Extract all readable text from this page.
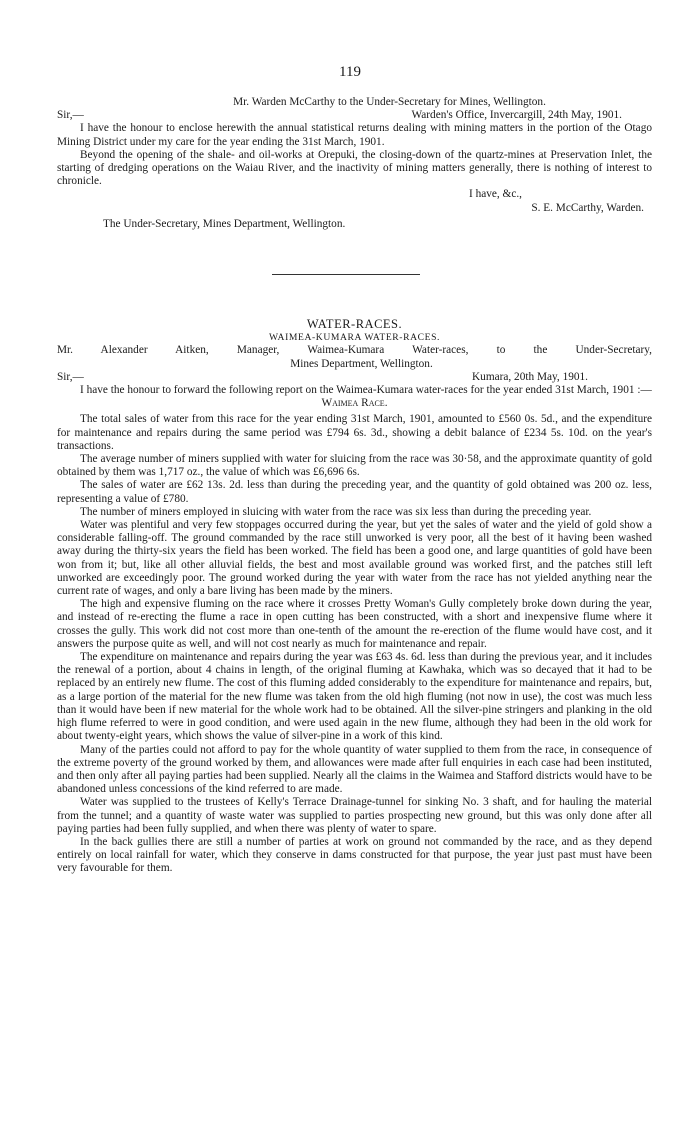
119

Mr. Warden McCarthy to the Under-Secretary for Mines, Wellington.

Sir,—	Warden's Office, Invercargill, 24th May, 1901.

I have the honour to enclose herewith the annual statistical returns dealing with mining matters in the portion of the Otago Mining District under my care for the year ending the 31st March, 1901.

Beyond the opening of the shale- and oil-works at Orepuki, the closing-down of the quartz-mines at Preservation Inlet, the starting of dredging operations on the Waiau River, and the inactivity of mining matters generally, there is nothing of interest to chronicle.

I have, &c.,

S. E. McCarthy, Warden.

The Under-Secretary, Mines Department, Wellington.

WATER-RACES.

WAIMEA-KUMARA WATER-RACES.

Mr. Alexander Aitken, Manager, Waimea-Kumara Water-races, to the Under-Secretary,

Mines Department, Wellington.

Sir,—	Kumara, 20th May, 1901.

I have the honour to forward the following report on the Waimea-Kumara water-races for the year ended 31st March, 1901 :—

Waimea Race.

The total sales of water from this race for the year ending 31st March, 1901, amounted to £560 0s. 5d., and the expenditure for maintenance and repairs during the same period was £794 6s. 3d., showing a debit balance of £234 5s. 10d. on the year's transactions.

The average number of miners supplied with water for sluicing from the race was 30·58, and the approximate quantity of gold obtained by them was 1,717 oz., the value of which was £6,696 6s.

The sales of water are £62 13s. 2d. less than during the preceding year, and the quantity of gold obtained was 200 oz. less, representing a value of £780.

The number of miners employed in sluicing with water from the race was six less than during the preceding year.

Water was plentiful and very few stoppages occurred during the year, but yet the sales of water and the yield of gold show a considerable falling-off. The ground commanded by the race still unworked is very poor, all the best of it having been washed away during the thirty-six years the field has been worked. The field has been a good one, and large quantities of gold have been won from it; but, like all other alluvial fields, the best and most available ground was worked first, and the patches still left unworked are exceedingly poor. The ground worked during the year with water from the race has not yielded anything near the current rate of wages, and only a bare living has been made by the miners.

The high and expensive fluming on the race where it crosses Pretty Woman's Gully completely broke down during the year, and instead of re-erecting the flume a race in open cutting has been constructed, with a short and inexpensive flume where it crosses the gully. This work did not cost more than one-tenth of the amount the re-erection of the flume would have cost, and it answers the purpose quite as well, and will not cost nearly as much for maintenance and repair.

The expenditure on maintenance and repairs during the year was £63 4s. 6d. less than during the previous year, and it includes the renewal of a portion, about 4 chains in length, of the original fluming at Kawhaka, which was so decayed that it had to be replaced by an entirely new flume. The cost of this fluming added considerably to the expenditure for maintenance and repairs, but, as a large portion of the material for the new flume was taken from the old high fluming (not now in use), the cost was much less than it would have been if new material for the whole work had to be obtained. All the silver-pine stringers and planking in the old high flume referred to were in good condition, and were used again in the new flume, although they had been in the old work for about twenty-eight years, which shows the value of silver-pine in a work of this kind.

Many of the parties could not afford to pay for the whole quantity of water supplied to them from the race, in consequence of the extreme poverty of the ground worked by them, and allowances were made after full enquiries in each case had been instituted, and then only after all paying parties had been supplied. Nearly all the claims in the Waimea and Stafford districts would have to be abandoned unless concessions of the kind referred to are made.

Water was supplied to the trustees of Kelly's Terrace Drainage-tunnel for sinking No. 3 shaft, and for hauling the material from the tunnel; and a quantity of waste water was supplied to parties prospecting new ground, but this was only done after all paying parties had been fully supplied, and when there was plenty of water to spare.

In the back gullies there are still a number of parties at work on ground not commanded by the race, and as they depend entirely on local rainfall for water, which they conserve in dams constructed for that purpose, the year just past must have been very favourable for them.
